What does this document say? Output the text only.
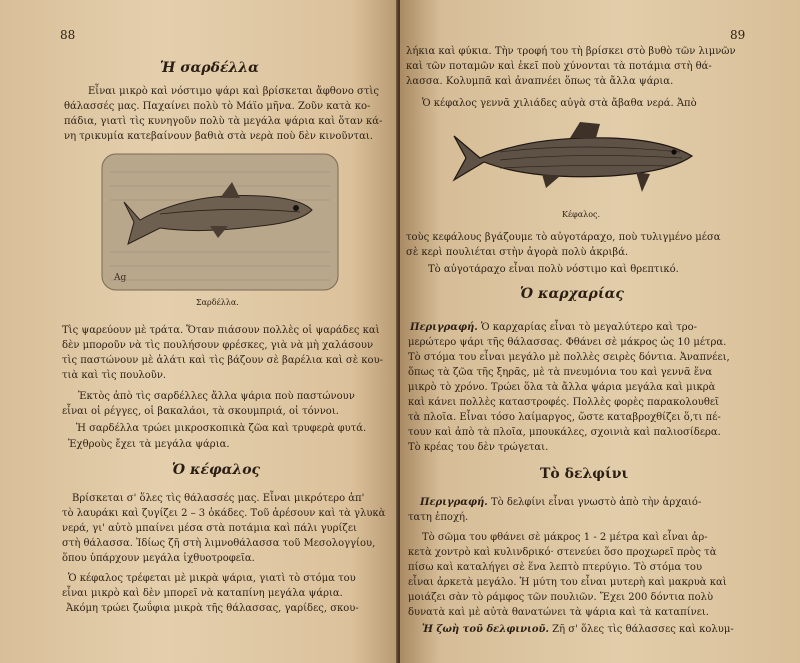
88
Ἡ σαρδέλλα
Εἶναι μικρὸ καὶ νόστιμο ψάρι καὶ βρίσκεται ἄφθονο στὶς
θάλασσές μας. Παχαίνει πολὺ τὸ Μάϊο μῆνα. Ζοῦν κατὰ κο-
πάδια, γιατὶ τὶς κυνηγοῦν πολὺ τὰ μεγάλα ψάρια καὶ ὅταν κά-
νη τρικυμία κατεβαίνουν βαθιὰ στὰ νερὰ ποὺ δὲν κινοῦνται.
Ag
Σαρδέλλα.
Τὶς ψαρεύουν μὲ τράτα. Ὅταν πιάσουν πολλὲς οἱ ψαράδες καὶ
δὲν μποροῦν νὰ τὶς πουλήσουν φρέσκες, γιὰ νὰ μὴ χαλάσουν
τὶς παστώνουν μὲ ἀλάτι καὶ τὶς βάζουν σὲ βαρέλια καὶ σὲ κου-
τιὰ καὶ τὶς πουλοῦν.
Ἐκτὸς ἀπὸ τὶς σαρδέλλες ἄλλα ψάρια ποὺ παστώνουν
εἶναι οἱ ρέγγες, οἱ βακαλάοι, τὰ σκουμπριά, οἱ τόννοι.
Ἡ σαρδέλλα τρώει μικροσκοπικὰ ζῶα καὶ τρυφερὰ φυτά.
Ἐχθροὺς ἔχει τὰ μεγάλα ψάρια.
Ὁ κέφαλος
Βρίσκεται σ' ὅλες τὶς θάλασσές μας. Εἶναι μικρότερο ἀπ'
τὸ λαυράκι καὶ ζυγίζει 2 – 3 ὀκάδες. Τοῦ ἀρέσουν καὶ τὰ γλυκὰ
νερά, γι' αὐτὸ μπαίνει μέσα στὰ ποτάμια καὶ πάλι γυρίζει
στὴ θάλασσα. Ἰδίως ζῆ στὴ λιμνοθάλασσα τοῦ Μεσολογγίου,
ὅπου ὑπάρχουν μεγάλα ἰχθυοτροφεῖα.
Ὁ κέφαλος τρέφεται μὲ μικρὰ ψάρια, γιατὶ τὸ στόμα του
εἶναι μικρὸ καὶ δὲν μπορεῖ νὰ καταπίνη μεγάλα ψάρια.
Ἀκόμη τρώει ζωΰφια μικρὰ τῆς θάλασσας, γαρίδες, σκου-
89
λήκια καὶ φύκια. Τὴν τροφή του τὴ βρίσκει στὸ βυθὸ τῶν λιμνῶν
καὶ τῶν ποταμῶν καὶ ἐκεῖ ποὺ χύνονται τὰ ποτάμια στὴ θά-
λασσα. Κολυμπᾶ καὶ ἀναπνέει ὅπως τὰ ἄλλα ψάρια.
Ὁ κέφαλος γεννᾶ χιλιάδες αὐγὰ στὰ ἄβαθα νερά. Ἀπὸ
Κέφαλος.
τοὺς κεφάλους βγάζουμε τὸ αὐγοτάραχο, ποὺ τυλιγμένο μέσα
σὲ κερὶ πουλιέται στὴν ἀγορὰ πολὺ ἀκριβά.
Τὸ αὐγοτάραχο εἶναι πολὺ νόστιμο καὶ θρεπτικό.
Ὁ καρχαρίας
Περιγραφή. Ὁ καρχαρίας εἶναι τὸ μεγαλύτερο καὶ τρο-
μερώτερο ψάρι τῆς θάλασσας. Φθάνει σὲ μάκρος ὡς 10 μέτρα.
Τὸ στόμα του εἶναι μεγάλο μὲ πολλὲς σειρὲς δόντια. Ἀναπνέει,
ὅπως τὰ ζῶα τῆς ξηρᾶς, μὲ τὰ πνευμόνια του καὶ γεννᾶ ἕνα
μικρὸ τὸ χρόνο. Τρώει ὅλα τὰ ἄλλα ψάρια μεγάλα καὶ μικρὰ
καὶ κάνει πολλὲς καταστροφές. Πολλὲς φορὲς παρακολουθεῖ
τὰ πλοῖα. Εἶναι τόσο λαίμαργος, ὥστε καταβροχθίζει ὅ,τι πέ-
τουν καὶ ἀπὸ τὰ πλοῖα, μπουκάλες, σχοινιὰ καὶ παλιοσίδερα.
Τὸ κρέας του δὲν τρώγεται.
Τὸ δελφίνι
Περιγραφή. Τὸ δελφίνι εἶναι γνωστὸ ἀπὸ τὴν ἀρχαιό-
τατη ἐποχή.
Τὸ σῶμα του φθάνει σὲ μάκρος 1 - 2 μέτρα καὶ εἶναι ἀρ-
κετὰ χοντρὸ καὶ κυλινδρικό· στενεύει ὅσο προχωρεῖ πρὸς τὰ
πίσω καὶ καταλήγει σὲ ἕνα λεπτὸ πτερύγιο. Τὸ στόμα του
εἶναι ἀρκετὰ μεγάλο. Ἡ μύτη του εἶναι μυτερὴ καὶ μακρυὰ καὶ
μοιάζει σὰν τὸ ράμφος τῶν πουλιῶν. Ἔχει 200 δόντια πολὺ
δυνατὰ καὶ μὲ αὐτὰ θανατώνει τὰ ψάρια καὶ τὰ καταπίνει.
Ἡ ζωὴ τοῦ δελφινιοῦ. Ζῆ σ' ὅλες τὶς θάλασσες καὶ κολυμ-
